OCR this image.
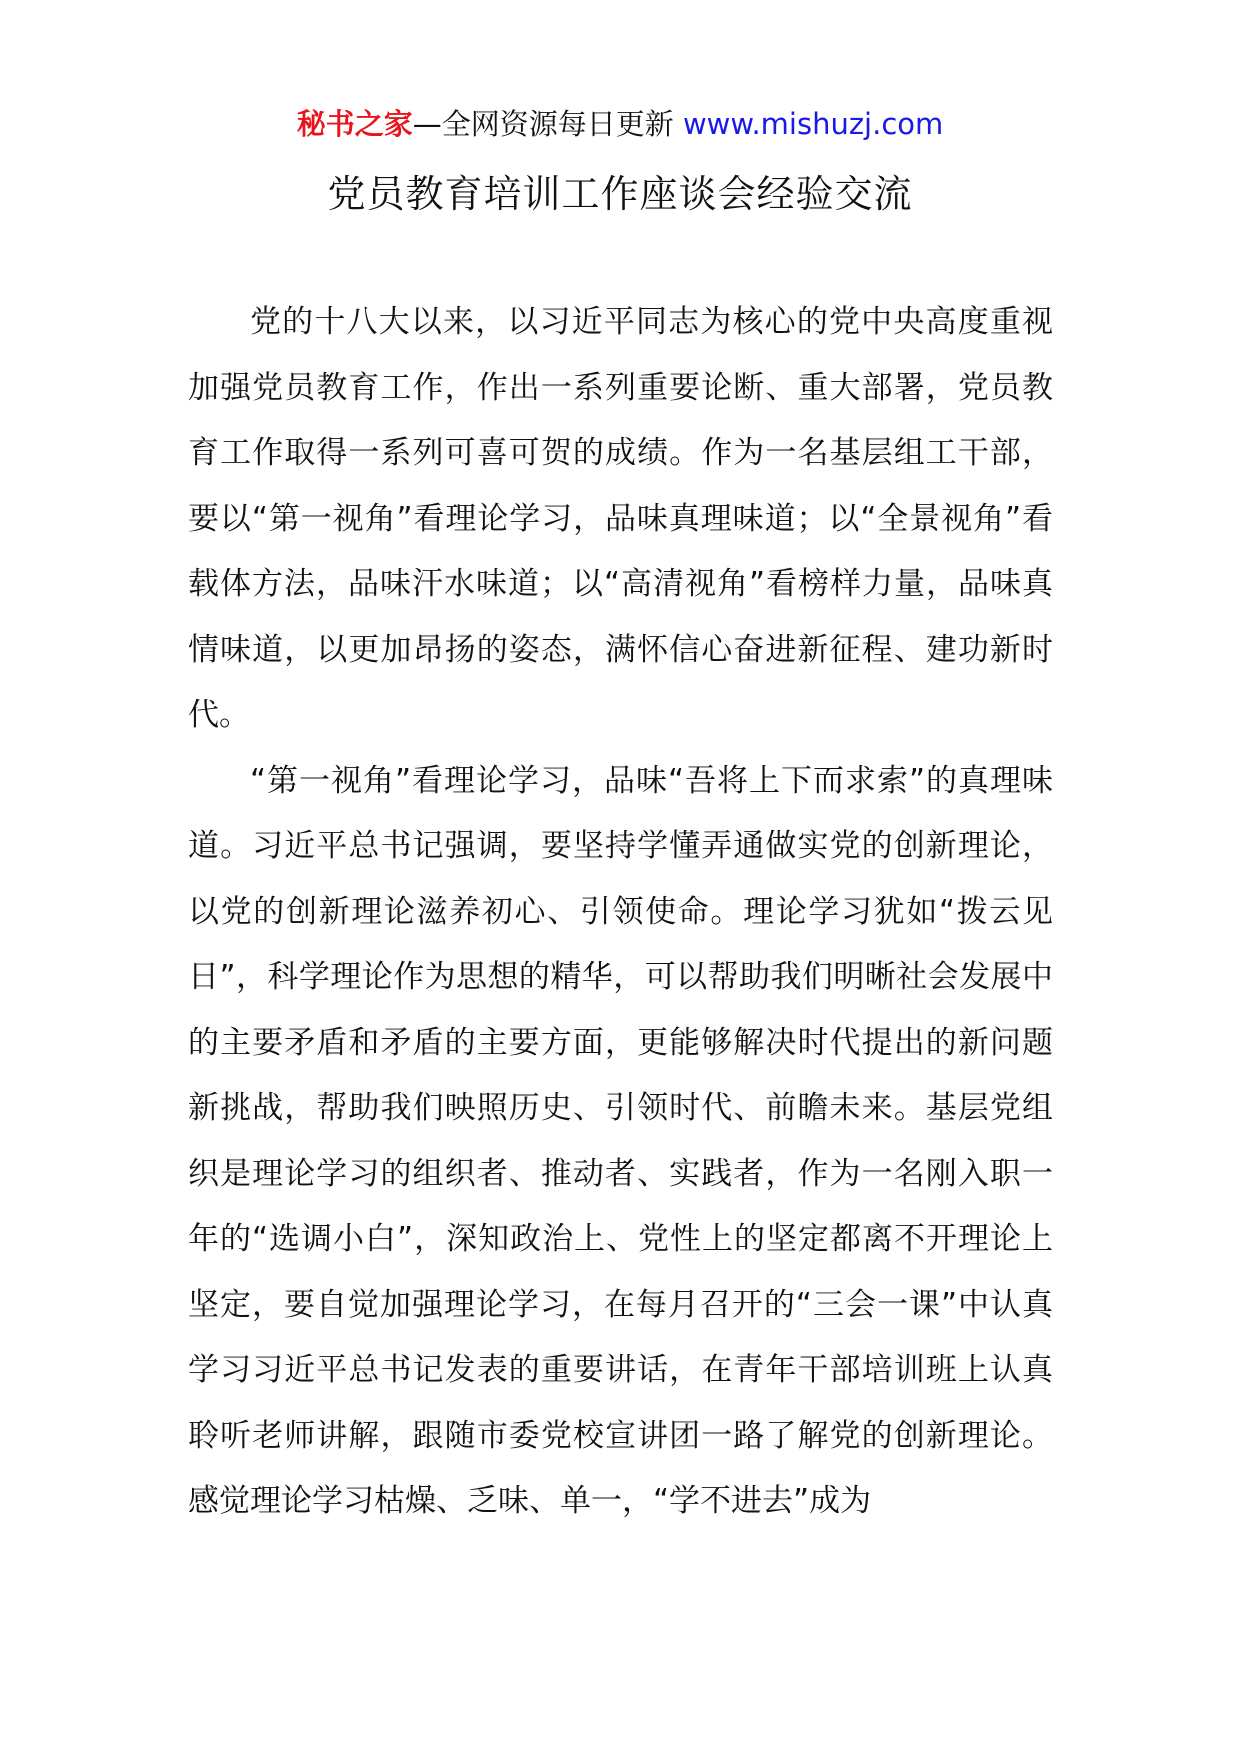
秘书之家—全网资源每日更新 www.mishuzj.com
党员教育培训工作座谈会经验交流

党的十八大以来，以习近平同志为核心的党中央高度重视加强党员教育工作，作出一系列重要论断、重大部署，党员教育工作取得一系列可喜可贺的成绩。作为一名基层组工干部，要以“第一视角”看理论学习，品味真理味道；以“全景视角”看载体方法，品味汗水味道；以“高清视角”看榜样力量，品味真情味道，以更加昂扬的姿态，满怀信心奋进新征程、建功新时代。

“第一视角”看理论学习，品味“吾将上下而求索”的真理味道。习近平总书记强调，要坚持学懂弄通做实党的创新理论，以党的创新理论滋养初心、引领使命。理论学习犹如“拨云见日”，科学理论作为思想的精华，可以帮助我们明晰社会发展中的主要矛盾和矛盾的主要方面，更能够解决时代提出的新问题新挑战，帮助我们映照历史、引领时代、前瞻未来。基层党组织是理论学习的组织者、推动者、实践者，作为一名刚入职一年的“选调小白”，深知政治上、党性上的坚定都离不开理论上坚定，要自觉加强理论学习，在每月召开的“三会一课”中认真学习习近平总书记发表的重要讲话，在青年干部培训班上认真聆听老师讲解，跟随市委党校宣讲团一路了解党的创新理论。感觉理论学习枯燥、乏味、单一，“学不进去”成为
